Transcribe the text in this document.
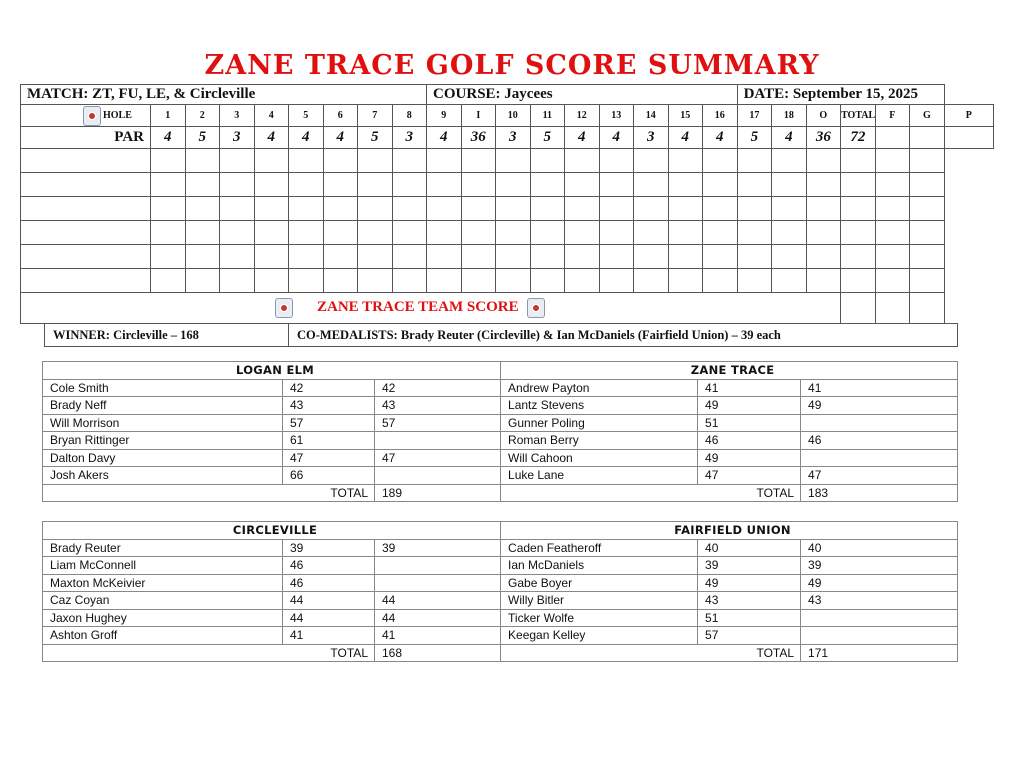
ZANE TRACE GOLF SCORE SUMMARY
MATCH: ZT, FU, LE, & Circleville									COURSE: Jaycees									DATE: September 15, 2025						
HOLE	1	2	3	4	5	6	7	8	9	I	10	11	12	13	14	15	16	17	18	O	TOTAL	F	G	P
PAR	4	5	3	4	4	4	5	3	4	36	3	5	4	4	3	4	4	5	4	36	72			

ZANE TRACE TEAM SCORE																								
WINNER: Circleville – 168	CO-MEDALISTS: Brady Reuter (Circleville) & Ian McDaniels (Fairfield Union) – 39 each
LOGAN ELM			ZANE TRACE		
Cole Smith	42	42	Andrew Payton	41	41
Brady Neff	43	43	Lantz Stevens	49	49
Will Morrison	57	57	Gunner Poling	51	
Bryan Rittinger	61		Roman Berry	46	46
Dalton Davy	47	47	Will Cahoon	49	
Josh Akers	66		Luke Lane	47	47
TOTAL		189	TOTAL		183
CIRCLEVILLE			FAIRFIELD UNION		
Brady Reuter	39	39	Caden Featheroff	40	40
Liam McConnell	46		Ian McDaniels	39	39
Maxton McKeivier	46		Gabe Boyer	49	49
Caz Coyan	44	44	Willy Bitler	43	43
Jaxon Hughey	44	44	Ticker Wolfe	51	
Ashton Groff	41	41	Keegan Kelley	57	
TOTAL		168	TOTAL		171
